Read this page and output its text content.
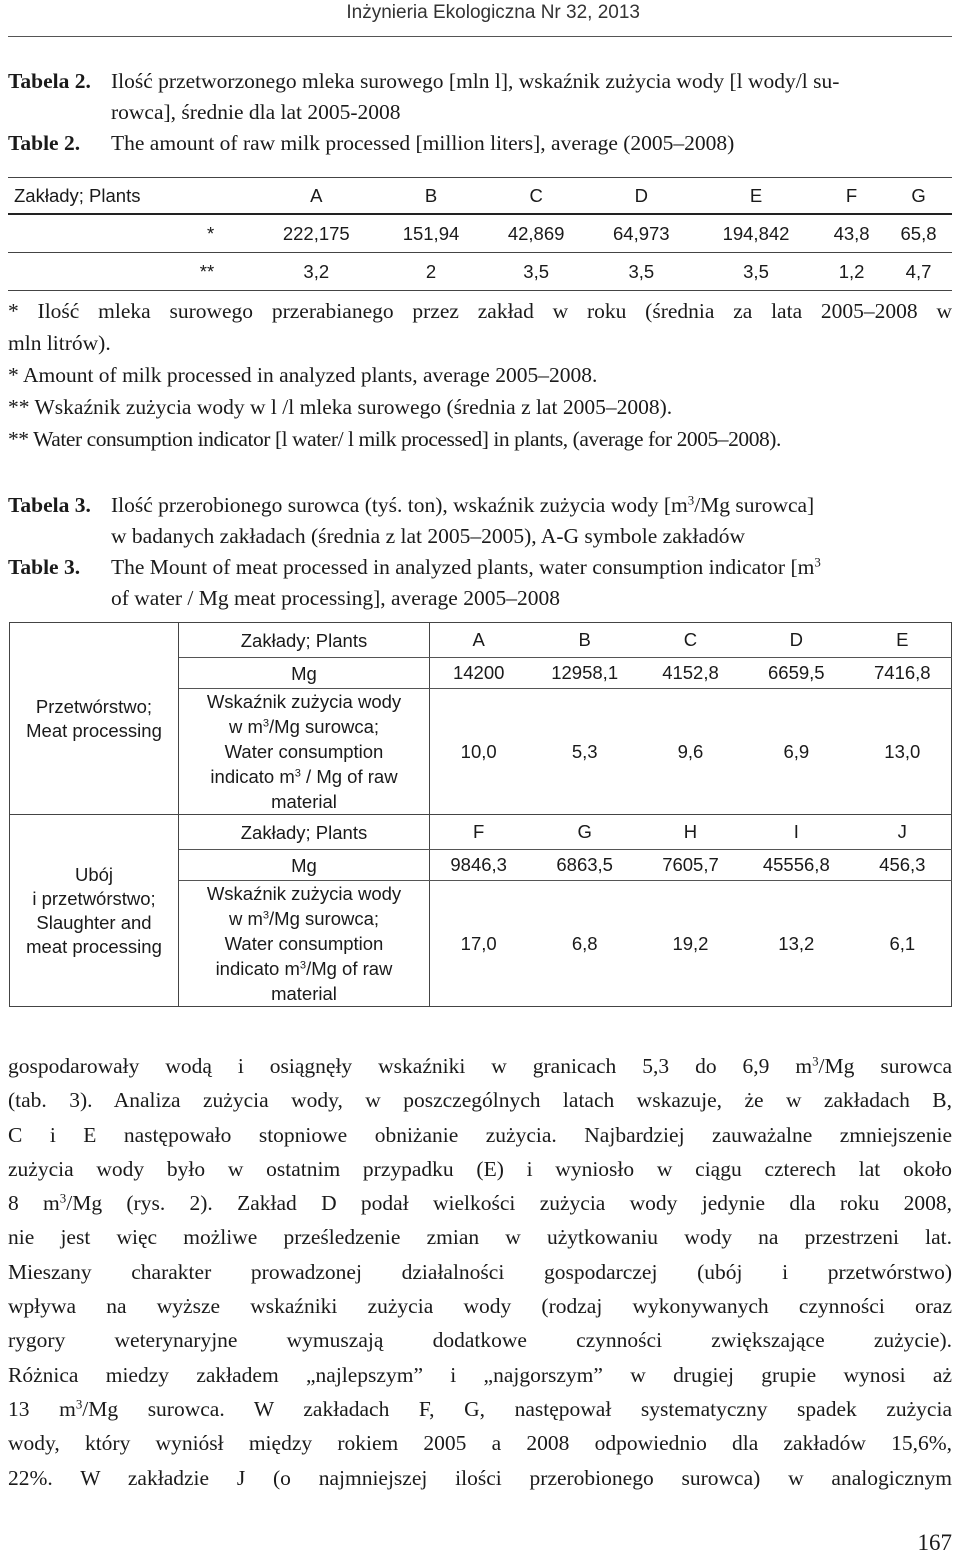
Inżynieria Ekologiczna Nr 32, 2013
Tabela 2. Ilość przetworzonego mleka surowego [mln l], wskaźnik zużycia wody [l wody/l su-
rowca], średnie dla lat 2005-2008
Table 2.	The amount of raw milk processed [million liters], average (2005–2008)
Zakłady; Plants	A	B	C	D	E	F	G
*	222,175	151,94	42,869	64,973	194,842	43,8	65,8
**	3,2	2	3,5	3,5	3,5	1,2	4,7
* Ilość mleka surowego przerabianego przez zakład w roku (średnia za lata 2005–2008 w
mln litrów).
* Amount of milk processed in analyzed plants, average 2005–2008.
** Wskaźnik zużycia wody w l /l mleka surowego (średnia z lat 2005–2008).
** Water consumption indicator [l water/ l milk processed] in plants, (average for 2005–2008).
Tabela 3. Ilość przerobionego surowca (tyś. ton), wskaźnik zużycia wody [$m^3/Mg$ surowca]
w badanych zakładach (średnia z lat 2005–2005), A-G symbole zakładów
Table 3.	The Mount of meat processed in analyzed plants, water consumption indicator [$m^3$
of water / Mg meat processing], average 2005–2008
Przetwórstwo;
Meat processing	Zakłady; Plants	A	B	C	D	E
	Mg	14200	12958,1	4152,8	6659,5	7416,8
	Wskaźnik zużycia wody
w $m^3/Mg$ surowca;
Water consumption
indicato $m^3$ / Mg of raw
material	10,0	5,3	9,6	6,9	13,0
Ubój
i przetwórstwo;
Slaughter and
meat processing	Zakłady; Plants	F	G	H	I	J
	Mg	9846,3	6863,5	7605,7	45556,8	456,3
	Wskaźnik zużycia wody
w $m^3/Mg$ surowca;
Water consumption
indicato $m^3/Mg$ of raw
material	17,0	6,8	19,2	13,2	6,1
gospodarowały wodą i osiągnęły wskaźniki w granicach 5,3 do 6,9 $m^3/Mg$ surowca
(tab. 3). Analiza zużycia wody, w poszczególnych latach wskazuje, że w zakładach B,
C i E następowało stopniowe obniżanie zużycia. Najbardziej zauważalne zmniejszenie
zużycia wody było w ostatnim przypadku (E) i wyniosło w ciągu czterech lat około
8 $m^3/Mg$ (rys. 2). Zakład D podał wielkości zużycia wody jedynie dla roku 2008,
nie jest więc możliwe prześledzenie zmian w użytkowaniu wody na przestrzeni lat.
Mieszany charakter prowadzonej działalności gospodarczej (ubój i przetwórstwo)
wpływa na wyższe wskaźniki zużycia wody (rodzaj wykonywanych czynności oraz
rygory weterynaryjne wymuszają dodatkowe czynności zwiększające zużycie).
Różnica miedzy zakładem „najlepszym” i „najgorszym” w drugiej grupie wynosi aż
13 $m^3/Mg$ surowca. W zakładach F, G, następował systematyczny spadek zużycia
wody, który wyniósł między rokiem 2005 a 2008 odpowiednio dla zakładów 15,6%,
22%. W zakładzie J (o najmniejszej ilości przerobionego surowca) w analogicznym
167
